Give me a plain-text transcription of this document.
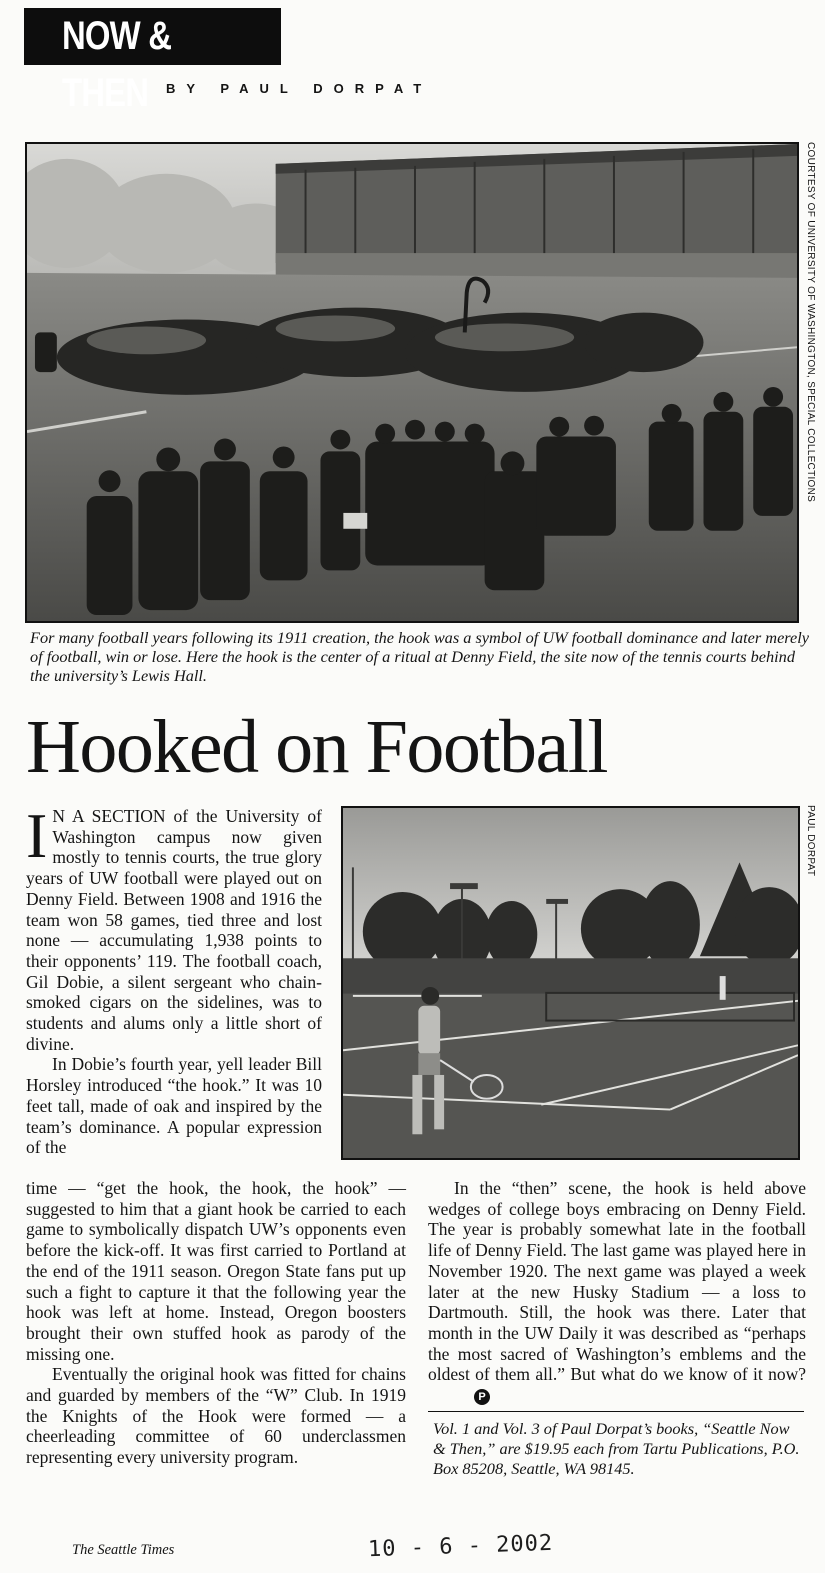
NOW & THEN	BY PAUL DORPAT
COURTESY OF UNIVERSITY OF WASHINGTON, SPECIAL COLLECTIONS
For many football years following its 1911 creation, the hook was a symbol of UW football dominance and later merely of football, win or lose. Here the hook is the center of a ritual at Denny Field, the site now of the tennis courts behind the university’s Lewis Hall.
Hooked on Football
PAUL DORPAT

I N A SECTION of the University of Washington campus now given mostly to tennis courts, the true glory years of UW football were played out on Denny Field. Between 1908 and 1916 the team won 58 games, tied three and lost none — accumulating 1,938 points to their opponents’ 119. The football coach, Gil Dobie, a silent sergeant who chain-smoked cigars on the sidelines, was to students and alums only a little short of divine.

In Dobie’s fourth year, yell leader Bill Horsley introduced “the hook.” It was 10 feet tall, made of oak and inspired by the team’s dominance. A popular expression of the

time — “get the hook, the hook, the hook” — suggested to him that a giant hook be carried to each game to symbolically dispatch UW’s opponents even before the kick-off. It was first carried to Portland at the end of the 1911 season. Oregon State fans put up such a fight to capture it that the following year the hook was left at home. Instead, Oregon boosters brought their own stuffed hook as parody of the missing one.

Eventually the original hook was fitted for chains and guarded by members of the “W” Club. In 1919 the Knights of the Hook were formed — a cheerleading committee of 60 underclassmen representing every university program.

In the “then” scene, the hook is held above wedges of college boys embracing on Denny Field. The year is probably somewhat late in the football life of Denny Field. The last game was played here in November 1920. The next game was played a week later at the new Husky Stadium — a loss to Dartmouth. Still, the hook was there. Later that month in the UW Daily it was described as “perhaps the most sacred of Washington’s emblems and the oldest of them all.” But what do we know of it now?P

Vol. 1 and Vol. 3 of Paul Dorpat’s books, “Seattle Now & Then,” are $19.95 each from Tartu Publications, P.O. Box 85208, Seattle, WA 98145.
The Seattle Times	10 - 6 - 2002
